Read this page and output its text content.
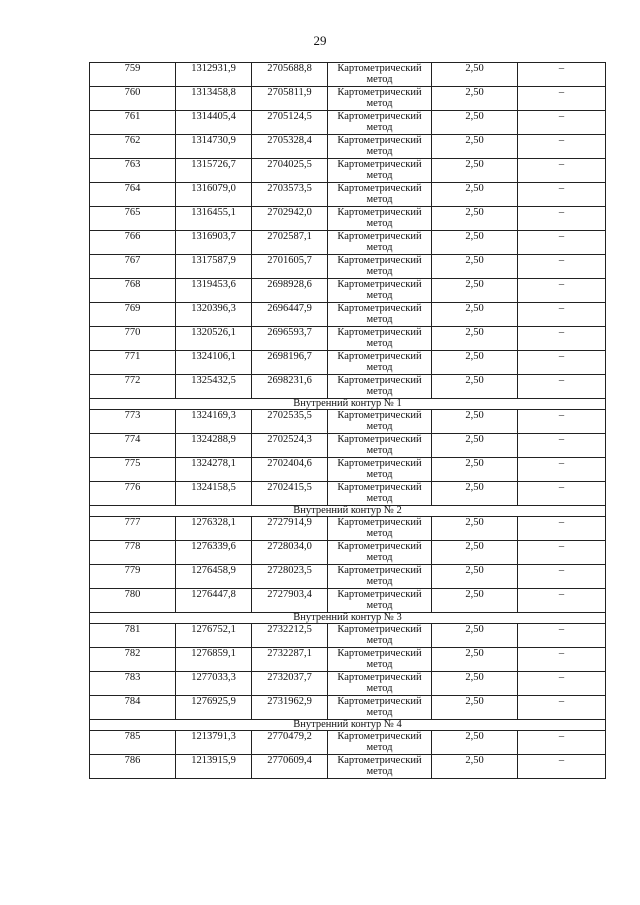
29
759	1312931,9	2705688,8	Картометрический метод	2,50	–
760	1313458,8	2705811,9	Картометрический метод	2,50	–
761	1314405,4	2705124,5	Картометрический метод	2,50	–
762	1314730,9	2705328,4	Картометрический метод	2,50	–
763	1315726,7	2704025,5	Картометрический метод	2,50	–
764	1316079,0	2703573,5	Картометрический метод	2,50	–
765	1316455,1	2702942,0	Картометрический метод	2,50	–
766	1316903,7	2702587,1	Картометрический метод	2,50	–
767	1317587,9	2701605,7	Картометрический метод	2,50	–
768	1319453,6	2698928,6	Картометрический метод	2,50	–
769	1320396,3	2696447,9	Картометрический метод	2,50	–
770	1320526,1	2696593,7	Картометрический метод	2,50	–
771	1324106,1	2698196,7	Картометрический метод	2,50	–
772	1325432,5	2698231,6	Картометрический метод	2,50	–
Внутренний контур № 1					
773	1324169,3	2702535,5	Картометрический метод	2,50	–
774	1324288,9	2702524,3	Картометрический метод	2,50	–
775	1324278,1	2702404,6	Картометрический метод	2,50	–
776	1324158,5	2702415,5	Картометрический метод	2,50	–
Внутренний контур № 2					
777	1276328,1	2727914,9	Картометрический метод	2,50	–
778	1276339,6	2728034,0	Картометрический метод	2,50	–
779	1276458,9	2728023,5	Картометрический метод	2,50	–
780	1276447,8	2727903,4	Картометрический метод	2,50	–
Внутренний контур № 3					
781	1276752,1	2732212,5	Картометрический метод	2,50	–
782	1276859,1	2732287,1	Картометрический метод	2,50	–
783	1277033,3	2732037,7	Картометрический метод	2,50	–
784	1276925,9	2731962,9	Картометрический метод	2,50	–
Внутренний контур № 4					
785	1213791,3	2770479,2	Картометрический метод	2,50	–
786	1213915,9	2770609,4	Картометрический метод	2,50	–
